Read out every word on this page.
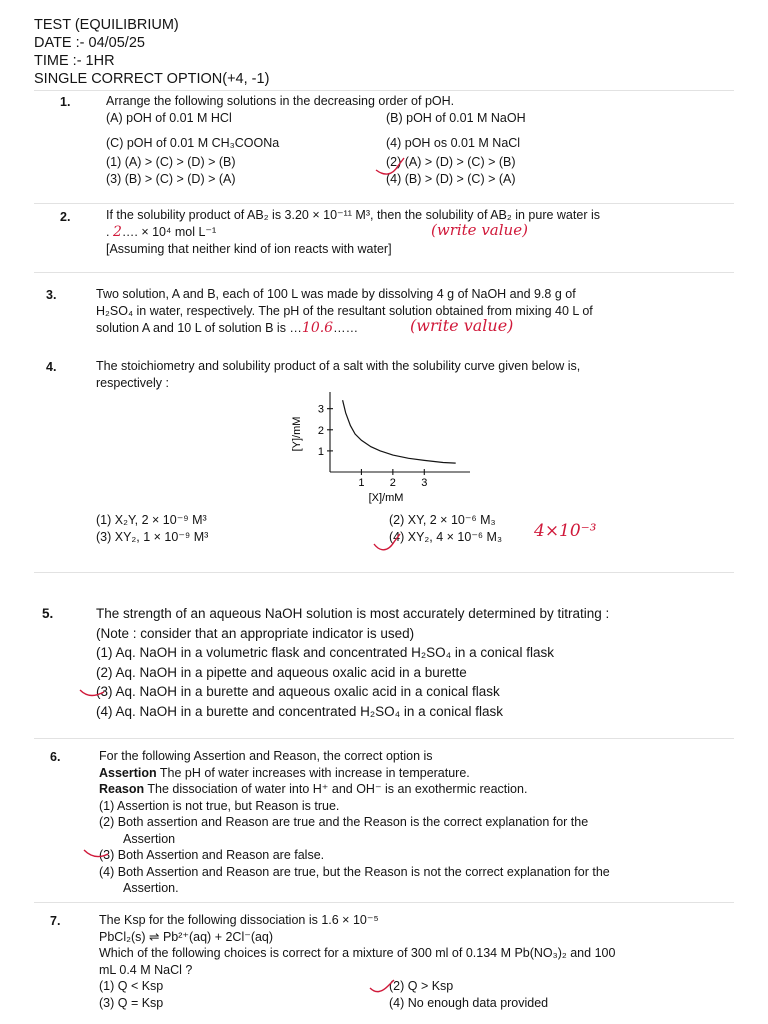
TEST (EQUILIBRIUM)
DATE :- 04/05/25
TIME :- 1HR
SINGLE CORRECT OPTION(+4, -1)
1.	Arrange the following solutions in the decreasing order of pOH.
(A) pOH of 0.01 M HCl	(B) pOH of 0.01 M NaOH
(C) pOH of 0.01 M CH₃COONa	(4) pOH os 0.01 M NaCl
(1) (A) > (C) > (D) > (B)	(2) (A) > (D) > (C) > (B)
(3) (B) > (C) > (D) > (A)	(4) (B) > (D) > (C) > (A)
2.	If the solubility product of AB₂ is 3.20 × 10⁻¹¹ M³, then the solubility of AB₂ in pure water is
. 2…. × 10⁴ mol L⁻¹	(write value)
[Assuming that neither kind of ion reacts with water]
3.	Two solution, A and B, each of 100 L was made by dissolving 4 g of NaOH and 9.8 g of
H₂SO₄ in water, respectively. The pH of the resultant solution obtained from mixing 40 L of
solution A and 10 L of solution B is …10.6……	(write value)
4.	The stoichiometry and solubility product of a salt with the solubility curve given below is,
respectively :
1 2 3
1
2
3
[X]/mM
[Y]/mM
(1) X₂Y, 2 × 10⁻⁹ M³	(2) XY, 2 × 10⁻⁶ M₃
(3) XY₂, 1 × 10⁻⁹ M³	(4) XY₂, 4 × 10⁻⁶ M₃ 4×10⁻³
5.	The strength of an aqueous NaOH solution is most accurately determined by titrating :
(Note : consider that an appropriate indicator is used)
(1) Aq. NaOH in a volumetric flask and concentrated H₂SO₄ in a conical flask
(2) Aq. NaOH in a pipette and aqueous oxalic acid in a burette
(3) Aq. NaOH in a burette and aqueous oxalic acid in a conical flask
(4) Aq. NaOH in a burette and concentrated H₂SO₄ in a conical flask
6.	For the following Assertion and Reason, the correct option is
Assertion The pH of water increases with increase in temperature.
Reason The dissociation of water into H⁺ and OH⁻ is an exothermic reaction.
(1) Assertion is not true, but Reason is true.
(2) Both assertion and Reason are true and the Reason is the correct explanation for the
Assertion
(3) Both Assertion and Reason are false.
(4) Both Assertion and Reason are true, but the Reason is not the correct explanation for the
Assertion.
7.	The Ksp for the following dissociation is 1.6 × 10⁻⁵
PbCl₂(s) ⇌ Pb²⁺(aq) + 2Cl⁻(aq)
Which of the following choices is correct for a mixture of 300 ml of 0.134 M Pb(NO₃)₂ and 100
mL 0.4 M NaCl ?
(1) Q < Ksp	(2) Q > Ksp
(3) Q = Ksp	(4) No enough data provided
